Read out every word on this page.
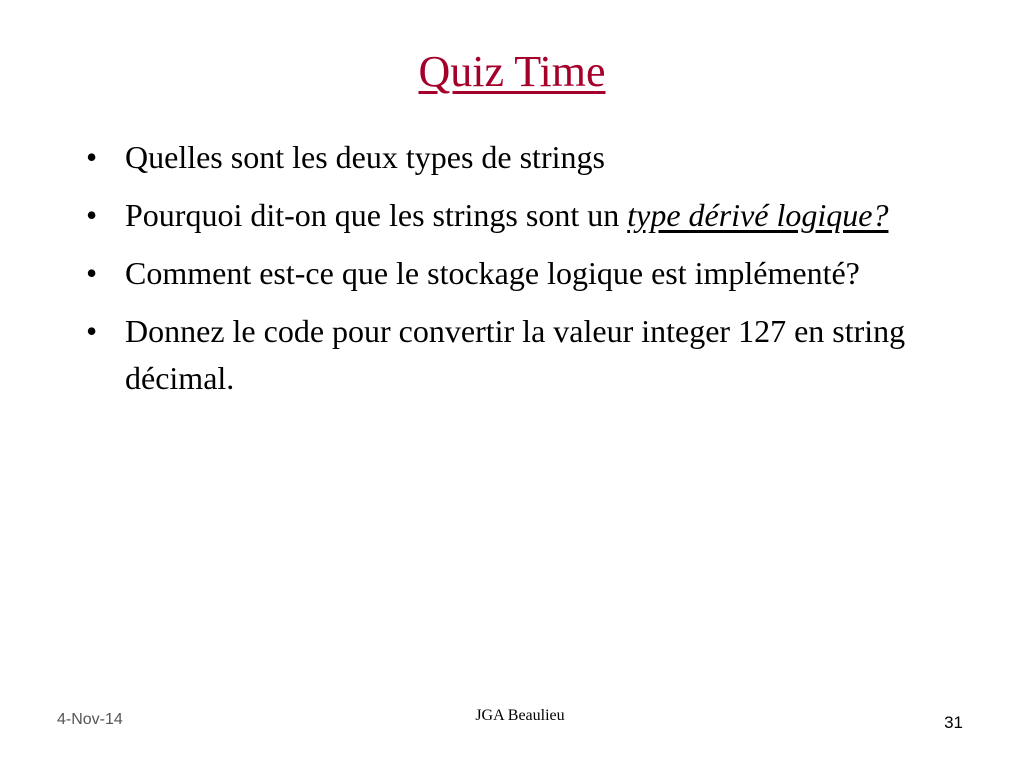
Quiz Time
• Quelles sont les deux types de strings
• Pourquoi dit-on que les strings sont un type dérivé logique?
• Comment est-ce que le stockage logique est implémenté?
• Donnez le code pour convertir la valeur integer 127 en string décimal.
4-Nov-14	JGA Beaulieu	31
